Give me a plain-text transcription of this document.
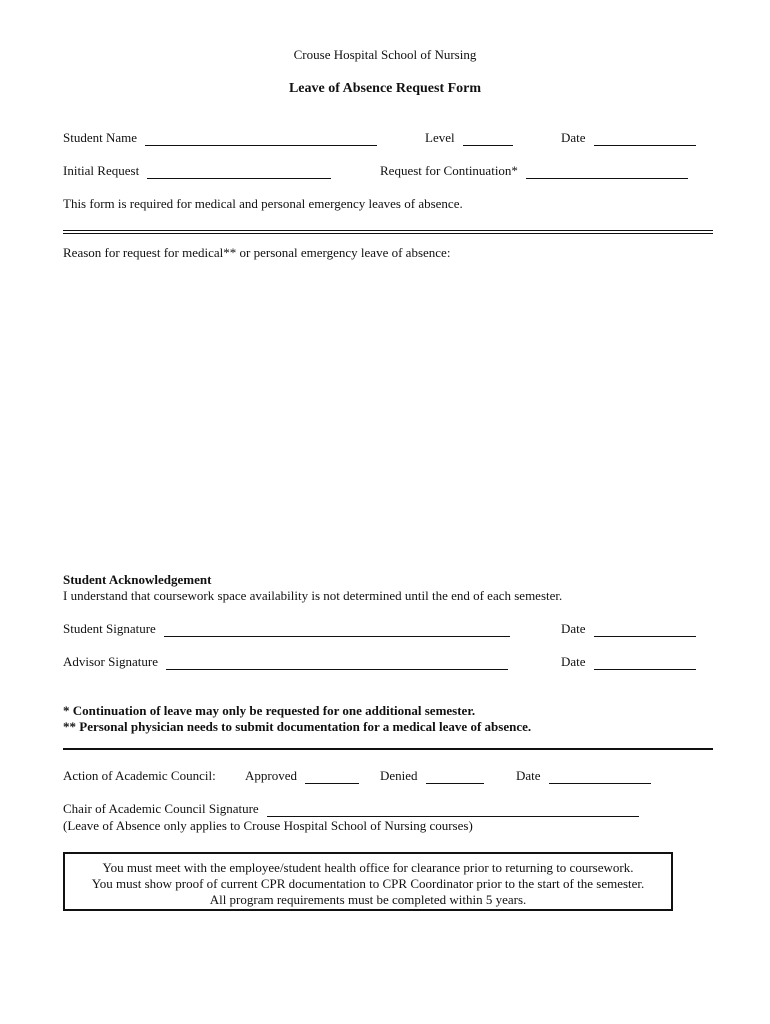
Crouse Hospital School of Nursing
Leave of Absence Request Form
Student Name	Level	Date
Initial Request	Request for Continuation*
This form is required for medical and personal emergency leaves of absence.
Reason for request for medical** or personal emergency leave of absence:
Student Acknowledgement
I understand that coursework space availability is not determined until the end of each semester.
Student Signature	Date
Advisor Signature	Date
* Continuation of leave may only be requested for one additional semester.
** Personal physician needs to submit documentation for a medical leave of absence.
Action of Academic Council: Approved	Denied	Date
Chair of Academic Council Signature
(Leave of Absence only applies to Crouse Hospital School of Nursing courses)
You must meet with the employee/student health office for clearance prior to returning to coursework.
You must show proof of current CPR documentation to CPR Coordinator prior to the start of the semester.
All program requirements must be completed within 5 years.
